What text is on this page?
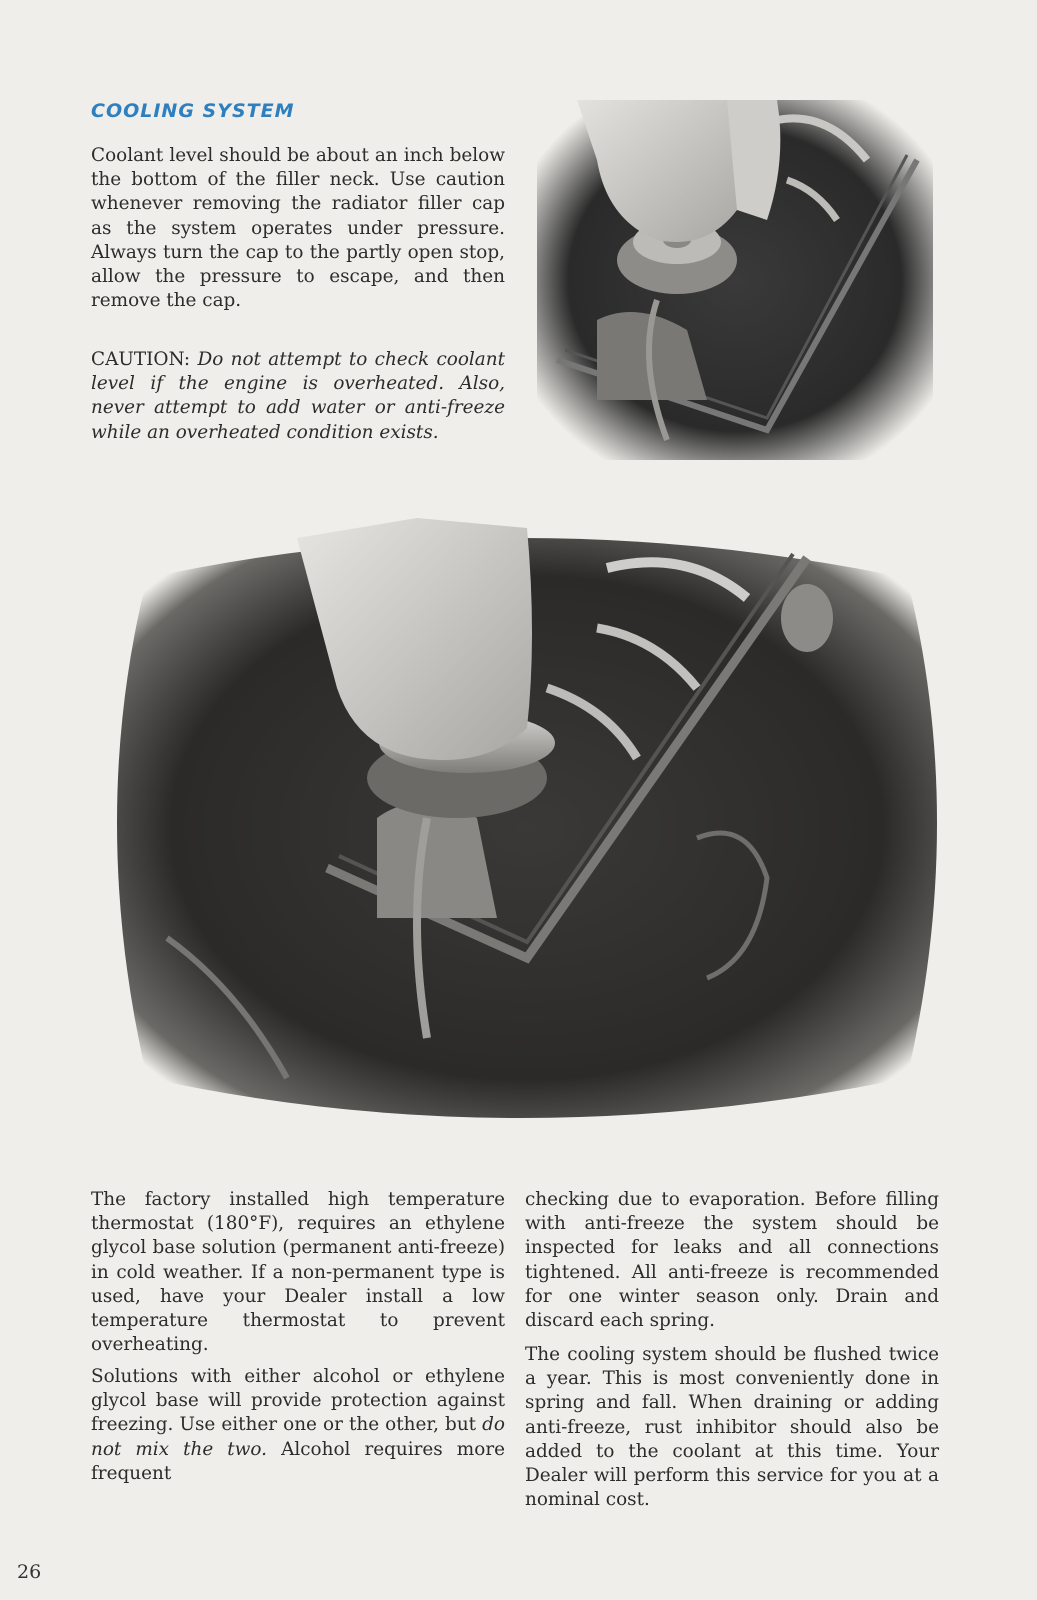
COOLING SYSTEM

Coolant level should be about an inch below the bottom of the filler neck. Use caution whenever removing the radiator filler cap as the system operates under pressure. Always turn the cap to the partly open stop, allow the pressure to escape, and then remove the cap.

CAUTION: Do not attempt to check coolant level if the engine is overheated. Also, never attempt to add water or anti-freeze while an overheated condition exists.

The factory installed high temperature thermostat (180°F), requires an ethylene glycol base solution (permanent anti-freeze) in cold weather. If a non-permanent type is used, have your Dealer install a low temperature thermostat to prevent overheating.

Solutions with either alcohol or ethylene glycol base will provide protection against freezing. Use either one or the other, but do not mix the two. Alcohol requires more frequent

checking due to evaporation. Before filling with anti-freeze the system should be inspected for leaks and all connections tightened. All anti-freeze is recommended for one winter season only. Drain and discard each spring.

The cooling system should be flushed twice a year. This is most conveniently done in spring and fall. When draining or adding anti-freeze, rust inhibitor should also be added to the coolant at this time. Your Dealer will perform this service for you at a nominal cost.

26
